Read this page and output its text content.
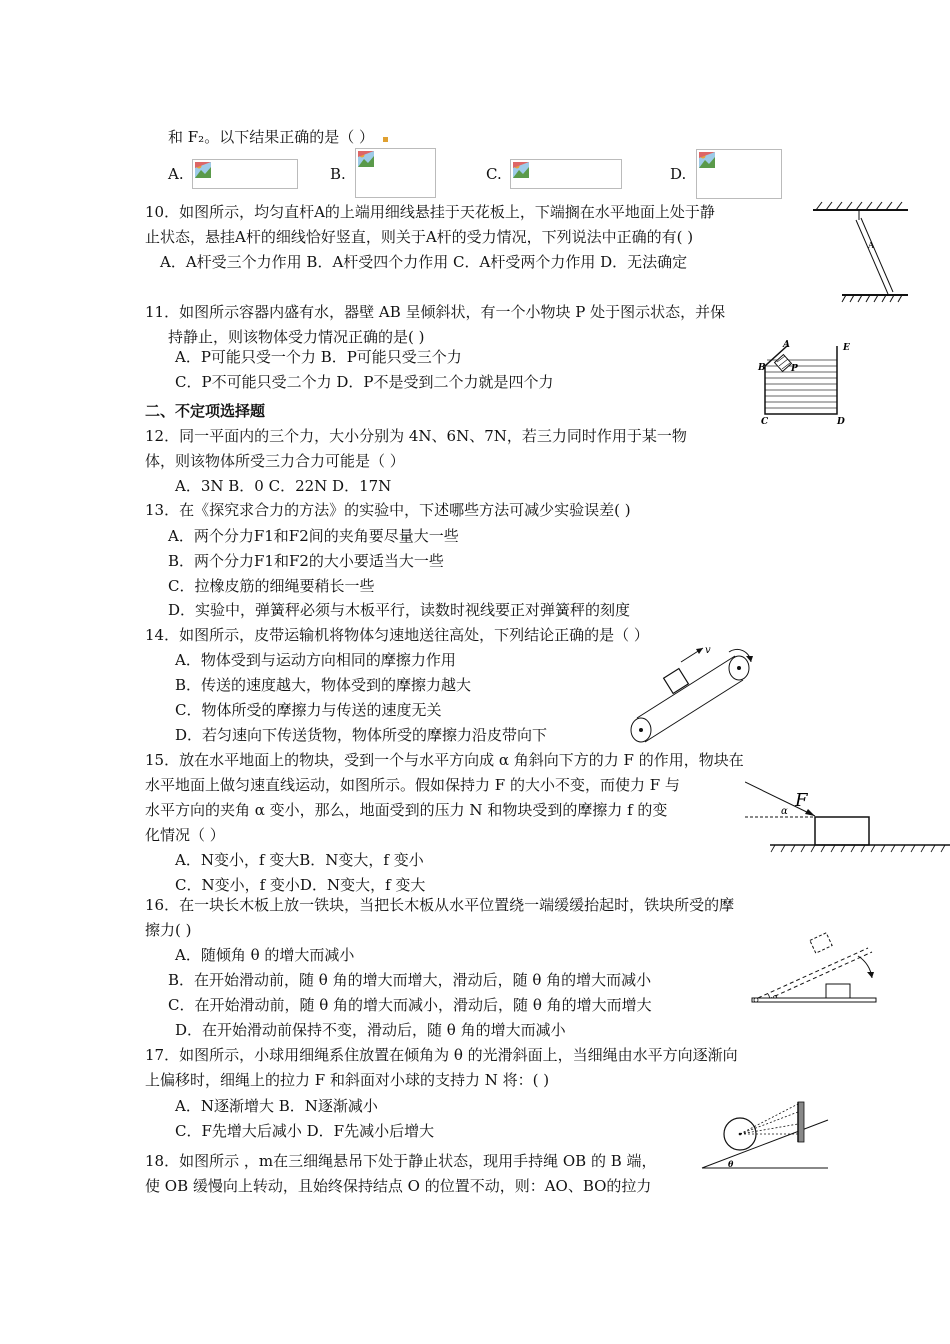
和 F₂。以下结果正确的是（ ）
A.	B.	C.	D.
10．如图所示，均匀直杆A的上端用细线悬挂于天花板上，下端搁在水平地面上处于静
止状态，悬挂A杆的细线恰好竖直，则关于A杆的受力情况，下列说法中正确的有( )
A．A杆受三个力作用 B．A杆受四个力作用 C．A杆受两个力作用 D．无法确定
11．如图所示容器内盛有水，器壁 AB 呈倾斜状，有一个小物块 P 处于图示状态，并保
持静止，则该物体受力情况正确的是( )
A．P可能只受一个力 B．P可能只受三个力
C．P不可能只受二个力 D．P不是受到二个力就是四个力
二、不定项选择题
12．同一平面内的三个力，大小分别为 4N、6N、7N，若三力同时作用于某一物
体，则该物体所受三力合力可能是（ ）
A．3N B．0 C．22N D．17N
13．在《探究求合力的方法》的实验中，下述哪些方法可减少实验误差( )
A．两个分力F1和F2间的夹角要尽量大一些
B．两个分力F1和F2的大小要适当大一些
C．拉橡皮筋的细绳要稍长一些
D．实验中，弹簧秤必须与木板平行，读数时视线要正对弹簧秤的刻度
14．如图所示，皮带运输机将物体匀速地送往高处，下列结论正确的是（ ）
A．物体受到与运动方向相同的摩擦力作用
B．传送的速度越大，物体受到的摩擦力越大
C．物体所受的摩擦力与传送的速度无关
D．若匀速向下传送货物，物体所受的摩擦力沿皮带向下
15．放在水平地面上的物块，受到一个与水平方向成 α 角斜向下方的力 F 的作用，物块在
水平地面上做匀速直线运动，如图所示。假如保持力 F 的大小不变，而使力 F 与
水平方向的夹角 α 变小，那么，地面受到的压力 N 和物块受到的摩擦力 f 的变
化情况（ ）
A．N变小，f 变大B．N变大，f 变小
C．N变小，f 变小D．N变大，f 变大
16．在一块长木板上放一铁块，当把长木板从水平位置绕一端缓缓抬起时，铁块所受的摩
擦力( )
A．随倾角 θ 的增大而减小
B．在开始滑动前，随 θ 角的增大而增大，滑动后，随 θ 角的增大而减小
C．在开始滑动前，随 θ 角的增大而减小，滑动后，随 θ 角的增大而增大
D．在开始滑动前保持不变，滑动后，随 θ 角的增大而减小
17．如图所示，小球用细绳系住放置在倾角为 θ 的光滑斜面上，当细绳由水平方向逐渐向
上偏移时，细绳上的拉力 F 和斜面对小球的支持力 N 将：( )
A．N逐渐增大 B．N逐渐减小
C．F先增大后减小 D．F先减小后增大
18．如图所示 ，m在三细绳悬吊下处于静止状态，现用手持绳 OB 的 B 端，
使 OB 缓慢向上转动，且始终保持结点 O 的位置不动，则：AO、BO的拉力
A
A	E
B	P
C	D
v
F
α
θ
